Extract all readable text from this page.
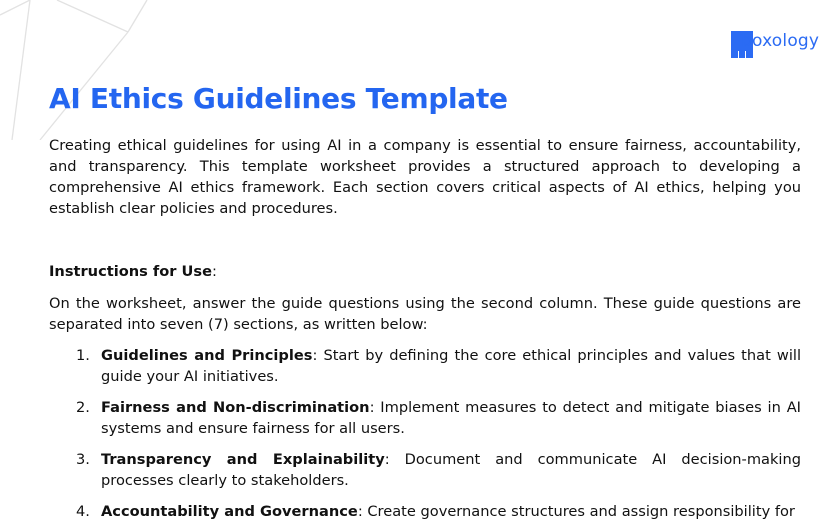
boxology
AI Ethics Guidelines Template

Creating ethical guidelines for using AI in a company is essential to ensure fairness, accountability, and transparency. This template worksheet provides a structured approach to developing a comprehensive AI ethics framework. Each section covers critical aspects of AI ethics, helping you establish clear policies and procedures.

Instructions for Use:

On the worksheet, answer the guide questions using the second column. These guide questions are separated into seven (7) sections, as written below:

1. Guidelines and Principles: Start by defining the core ethical principles and values that will guide your AI initiatives.
2. Fairness and Non-discrimination: Implement measures to detect and mitigate biases in AI systems and ensure fairness for all users.
3. Transparency and Explainability: Document and communicate AI decision-making processes clearly to stakeholders.
4. Accountability and Governance: Create governance structures and assign responsibility for
